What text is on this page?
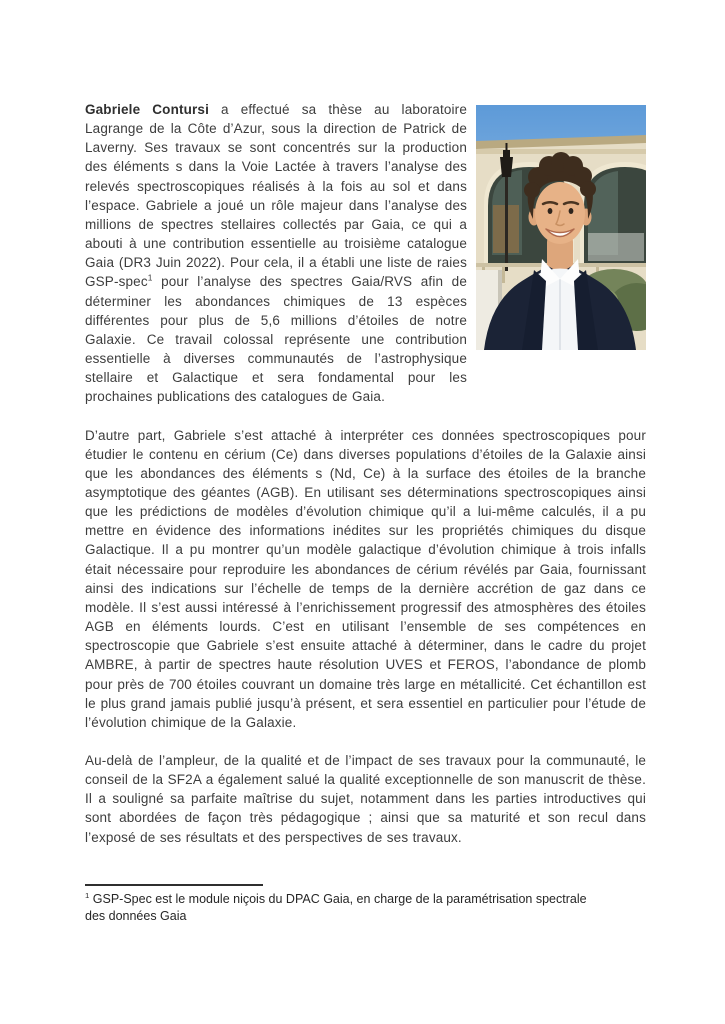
Gabriele Contursi a effectué sa thèse au laboratoire Lagrange de la Côte d’Azur, sous la direction de Patrick de Laverny. Ses travaux se sont concentrés sur la production des éléments s dans la Voie Lactée à travers l’analyse des relevés spectroscopiques réalisés à la fois au sol et dans l’espace. Gabriele a joué un rôle majeur dans l’analyse des millions de spectres stellaires collectés par Gaia, ce qui a abouti à une contribution essentielle au troisième catalogue Gaia (DR3 Juin 2022). Pour cela, il a établi une liste de raies GSP-spec$^1$ pour l’analyse des spectres Gaia/RVS afin de déterminer les abondances chimiques de 13 espèces différentes pour plus de 5,6 millions d’étoiles de notre Galaxie. Ce travail colossal représente une contribution essentielle à diverses communautés de l’astrophysique stellaire et Galactique et sera fondamental pour les prochaines publications des catalogues de Gaia.

D’autre part, Gabriele s’est attaché à interpréter ces données spectroscopiques pour étudier le contenu en cérium (Ce) dans diverses populations d’étoiles de la Galaxie ainsi que les abondances des éléments s (Nd, Ce) à la surface des étoiles de la branche asymptotique des géantes (AGB). En utilisant ses déterminations spectroscopiques ainsi que les prédictions de modèles d’évolution chimique qu’il a lui-même calculés, il a pu mettre en évidence des informations inédites sur les propriétés chimiques du disque Galactique. Il a pu montrer qu’un modèle galactique d’évolution chimique à trois infalls était nécessaire pour reproduire les abondances de cérium révélés par Gaia, fournissant ainsi des indications sur l’échelle de temps de la dernière accrétion de gaz dans ce modèle. Il s’est aussi intéressé à l’enrichissement progressif des atmosphères des étoiles AGB en éléments lourds. C’est en utilisant l’ensemble de ses compétences en spectroscopie que Gabriele s’est ensuite attaché à déterminer, dans le cadre du projet AMBRE, à partir de spectres haute résolution UVES et FEROS, l’abondance de plomb pour près de 700 étoiles couvrant un domaine très large en métallicité. Cet échantillon est le plus grand jamais publié jusqu’à présent, et sera essentiel en particulier pour l’étude de l’évolution chimique de la Galaxie.

Au-delà de l’ampleur, de la qualité et de l’impact de ses travaux pour la communauté, le conseil de la SF2A a également salué la qualité exceptionnelle de son manuscrit de thèse. Il a souligné sa parfaite maîtrise du sujet, notamment dans les parties introductives qui sont abordées de façon très pédagogique ; ainsi que sa maturité et son recul dans l’exposé de ses résultats et des perspectives de ses travaux.

$^1$ GSP-Spec est le module niçois du DPAC Gaia, en charge de la paramétrisation spectrale des données Gaia
